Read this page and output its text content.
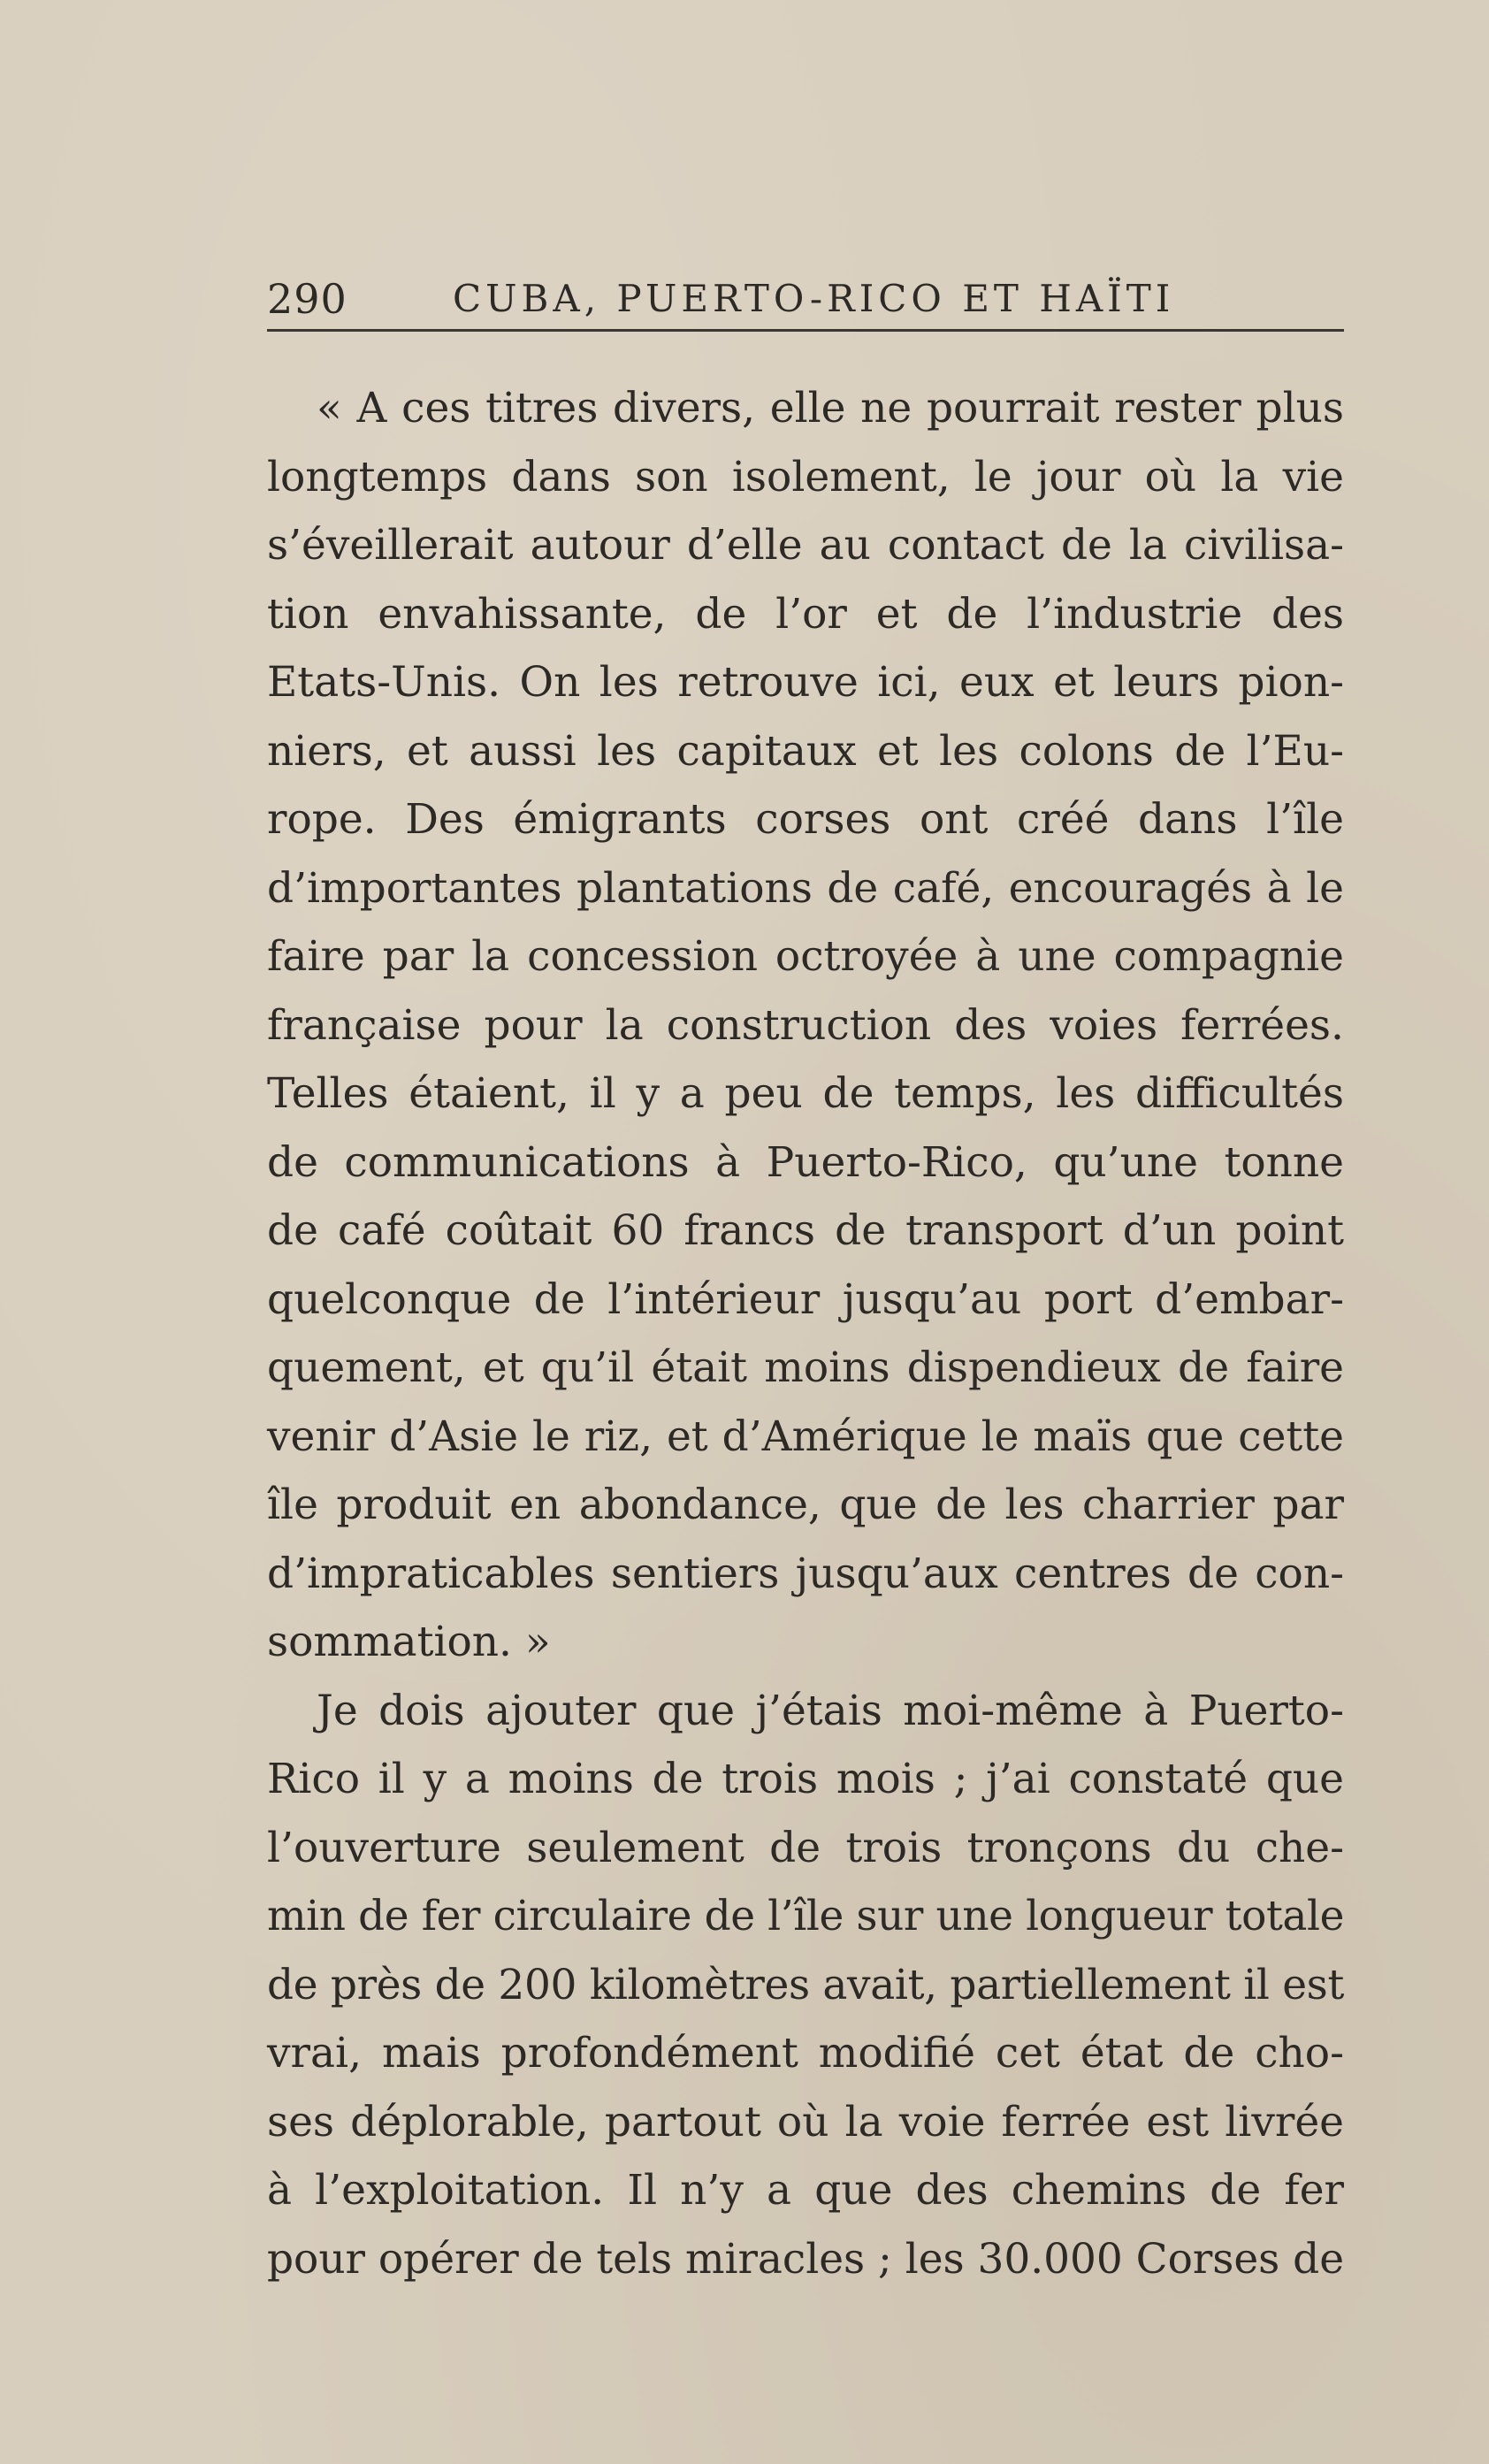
290	CUBA, PUERTO-RICO ET HAÏTI
« A ces titres divers, elle ne pourrait rester plus
longtemps dans son isolement, le jour où la vie
s’éveillerait autour d’elle au contact de la civilisa-
tion envahissante, de l’or et de l’industrie des
Etats-Unis. On les retrouve ici, eux et leurs pion-
niers, et aussi les capitaux et les colons de l’Eu-
rope. Des émigrants corses ont créé dans l’île
d’importantes plantations de café, encouragés à le
faire par la concession octroyée à une compagnie
française pour la construction des voies ferrées.
Telles étaient, il y a peu de temps, les difficultés
de communications à Puerto-Rico, qu’une tonne
de café coûtait 60 francs de transport d’un point
quelconque de l’intérieur jusqu’au port d’embar-
quement, et qu’il était moins dispendieux de faire
venir d’Asie le riz, et d’Amérique le maïs que cette
île produit en abondance, que de les charrier par
d’impraticables sentiers jusqu’aux centres de con-
sommation. »
Je dois ajouter que j’étais moi-même à Puerto-
Rico il y a moins de trois mois ; j’ai constaté que
l’ouverture seulement de trois tronçons du che-
min de fer circulaire de l’île sur une longueur totale
de près de 200 kilomètres avait, partiellement il est
vrai, mais profondément modifié cet état de cho-
ses déplorable, partout où la voie ferrée est livrée
à l’exploitation. Il n’y a que des chemins de fer
pour opérer de tels miracles ; les 30.000 Corses de
